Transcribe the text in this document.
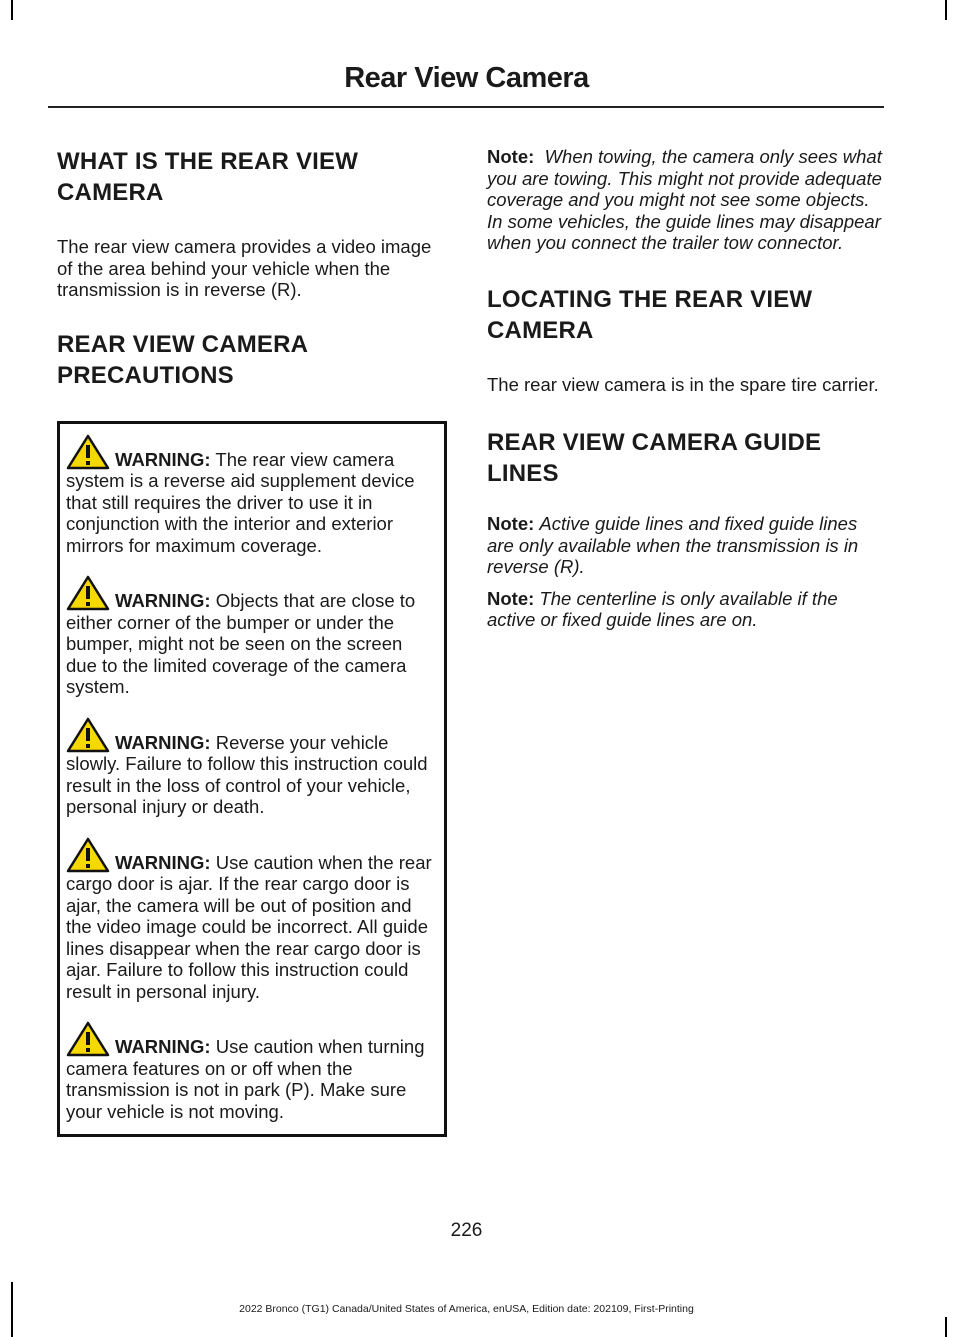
Rear View Camera
WHAT IS THE REAR VIEW
CAMERA

The rear view camera provides a video image of the area behind your vehicle when the transmission is in reverse (R).

REAR VIEW CAMERA
PRECAUTIONS
WARNING: The rear view camera system is a reverse aid supplement device that still requires the driver to use it in conjunction with the interior and exterior mirrors for maximum coverage.
WARNING: Objects that are close to either corner of the bumper or under the bumper, might not be seen on the screen due to the limited coverage of the camera system.
WARNING: Reverse your vehicle slowly. Failure to follow this instruction could result in the loss of control of your vehicle, personal injury or death.
WARNING: Use caution when the rear cargo door is ajar. If the rear cargo door is ajar, the camera will be out of position and the video image could be incorrect. All guide lines disappear when the rear cargo door is ajar. Failure to follow this instruction could result in personal injury.
WARNING: Use caution when turning camera features on or off when the transmission is not in park (P). Make sure your vehicle is not moving.

Note: When towing, the camera only sees what you are towing. This might not provide adequate coverage and you might not see some objects. In some vehicles, the guide lines may disappear when you connect the trailer tow connector.

LOCATING THE REAR VIEW
CAMERA

The rear view camera is in the spare tire carrier.

REAR VIEW CAMERA GUIDE
LINES

Note: Active guide lines and fixed guide lines are only available when the transmission is in reverse (R).

Note: The centerline is only available if the active or fixed guide lines are on.

226
2022 Bronco (TG1) Canada/United States of America, enUSA, Edition date: 202109, First-Printing
